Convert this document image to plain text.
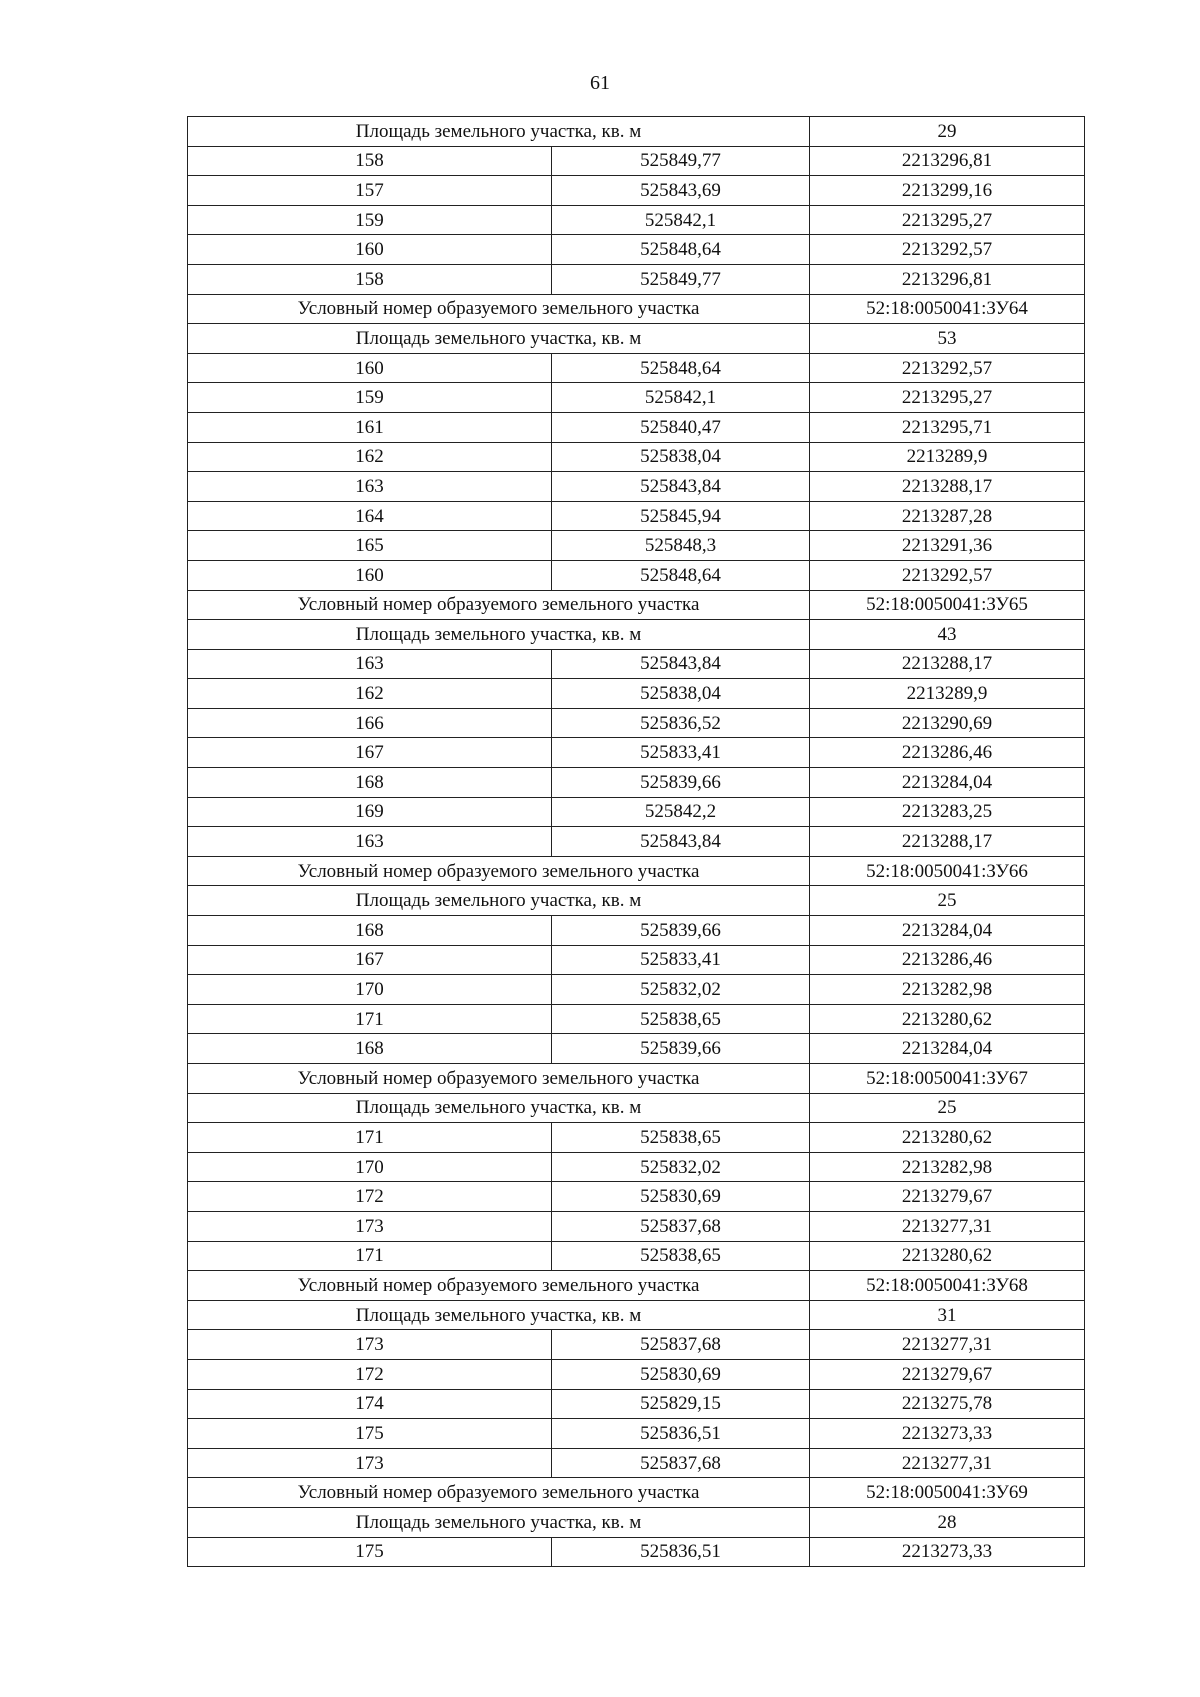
61
Площадь земельного участка, кв. м		29
158	525849,77	2213296,81
157	525843,69	2213299,16
159	525842,1	2213295,27
160	525848,64	2213292,57
158	525849,77	2213296,81
Условный номер образуемого земельного участка		52:18:0050041:ЗУ64
Площадь земельного участка, кв. м		53
160	525848,64	2213292,57
159	525842,1	2213295,27
161	525840,47	2213295,71
162	525838,04	2213289,9
163	525843,84	2213288,17
164	525845,94	2213287,28
165	525848,3	2213291,36
160	525848,64	2213292,57
Условный номер образуемого земельного участка		52:18:0050041:ЗУ65
Площадь земельного участка, кв. м		43
163	525843,84	2213288,17
162	525838,04	2213289,9
166	525836,52	2213290,69
167	525833,41	2213286,46
168	525839,66	2213284,04
169	525842,2	2213283,25
163	525843,84	2213288,17
Условный номер образуемого земельного участка		52:18:0050041:ЗУ66
Площадь земельного участка, кв. м		25
168	525839,66	2213284,04
167	525833,41	2213286,46
170	525832,02	2213282,98
171	525838,65	2213280,62
168	525839,66	2213284,04
Условный номер образуемого земельного участка		52:18:0050041:ЗУ67
Площадь земельного участка, кв. м		25
171	525838,65	2213280,62
170	525832,02	2213282,98
172	525830,69	2213279,67
173	525837,68	2213277,31
171	525838,65	2213280,62
Условный номер образуемого земельного участка		52:18:0050041:ЗУ68
Площадь земельного участка, кв. м		31
173	525837,68	2213277,31
172	525830,69	2213279,67
174	525829,15	2213275,78
175	525836,51	2213273,33
173	525837,68	2213277,31
Условный номер образуемого земельного участка		52:18:0050041:ЗУ69
Площадь земельного участка, кв. м		28
175	525836,51	2213273,33
